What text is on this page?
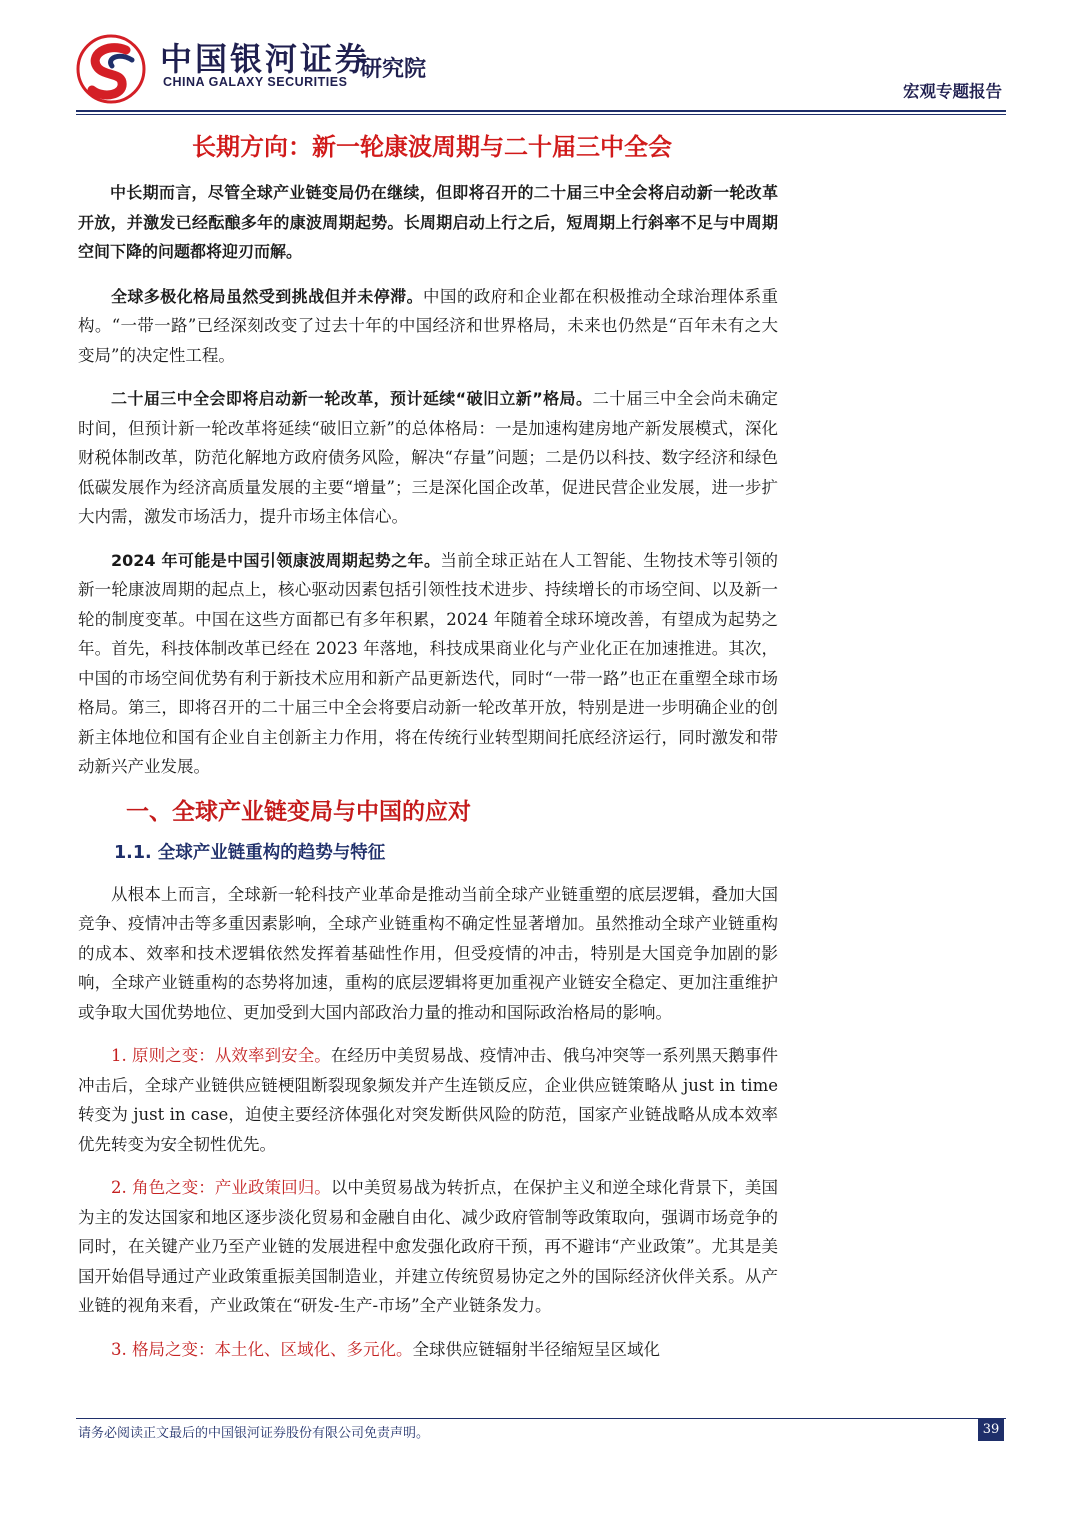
中国银河证券
CHINA GALAXY SECURITIES 研究院
宏观专题报告
长期方向：新一轮康波周期与二十届三中全会

中长期而言，尽管全球产业链变局仍在继续，但即将召开的二十届三中全会将启动新一轮改革开放，并激发已经酝酿多年的康波周期起势。长周期启动上行之后，短周期上行斜率不足与中周期空间下降的问题都将迎刃而解。

全球多极化格局虽然受到挑战但并未停滞。中国的政府和企业都在积极推动全球治理体系重构。“一带一路”已经深刻改变了过去十年的中国经济和世界格局，未来也仍然是“百年未有之大变局”的决定性工程。

二十届三中全会即将启动新一轮改革，预计延续“破旧立新”格局。二十届三中全会尚未确定时间，但预计新一轮改革将延续“破旧立新”的总体格局：一是加速构建房地产新发展模式，深化财税体制改革，防范化解地方政府债务风险，解决“存量”问题；二是仍以科技、数字经济和绿色低碳发展作为经济高质量发展的主要“增量”；三是深化国企改革，促进民营企业发展，进一步扩大内需，激发市场活力，提升市场主体信心。

2024 年可能是中国引领康波周期起势之年。当前全球正站在人工智能、生物技术等引领的新一轮康波周期的起点上，核心驱动因素包括引领性技术进步、持续增长的市场空间、以及新一轮的制度变革。中国在这些方面都已有多年积累，2024 年随着全球环境改善，有望成为起势之年。首先，科技体制改革已经在 2023 年落地，科技成果商业化与产业化正在加速推进。其次，中国的市场空间优势有利于新技术应用和新产品更新迭代，同时“一带一路”也正在重塑全球市场格局。第三，即将召开的二十届三中全会将要启动新一轮改革开放，特别是进一步明确企业的创新主体地位和国有企业自主创新主力作用，将在传统行业转型期间托底经济运行，同时激发和带动新兴产业发展。

一、全球产业链变局与中国的应对
1.1. 全球产业链重构的趋势与特征

从根本上而言，全球新一轮科技产业革命是推动当前全球产业链重塑的底层逻辑，叠加大国竞争、疫情冲击等多重因素影响，全球产业链重构不确定性显著增加。虽然推动全球产业链重构的成本、效率和技术逻辑依然发挥着基础性作用，但受疫情的冲击，特别是大国竞争加剧的影响，全球产业链重构的态势将加速，重构的底层逻辑将更加重视产业链安全稳定、更加注重维护或争取大国优势地位、更加受到大国内部政治力量的推动和国际政治格局的影响。

1. 原则之变：从效率到安全。在经历中美贸易战、疫情冲击、俄乌冲突等一系列黑天鹅事件冲击后，全球产业链供应链梗阻断裂现象频发并产生连锁反应，企业供应链策略从 just in time 转变为 just in case，迫使主要经济体强化对突发断供风险的防范，国家产业链战略从成本效率优先转变为安全韧性优先。

2. 角色之变：产业政策回归。以中美贸易战为转折点，在保护主义和逆全球化背景下，美国为主的发达国家和地区逐步淡化贸易和金融自由化、减少政府管制等政策取向，强调市场竞争的同时，在关键产业乃至产业链的发展进程中愈发强化政府干预，再不避讳“产业政策”。尤其是美国开始倡导通过产业政策重振美国制造业，并建立传统贸易协定之外的国际经济伙伴关系。从产业链的视角来看，产业政策在“研发-生产-市场”全产业链条发力。

3. 格局之变：本土化、区域化、多元化。全球供应链辐射半径缩短呈区域化

请务必阅读正文最后的中国银河证券股份有限公司免责声明。	39
